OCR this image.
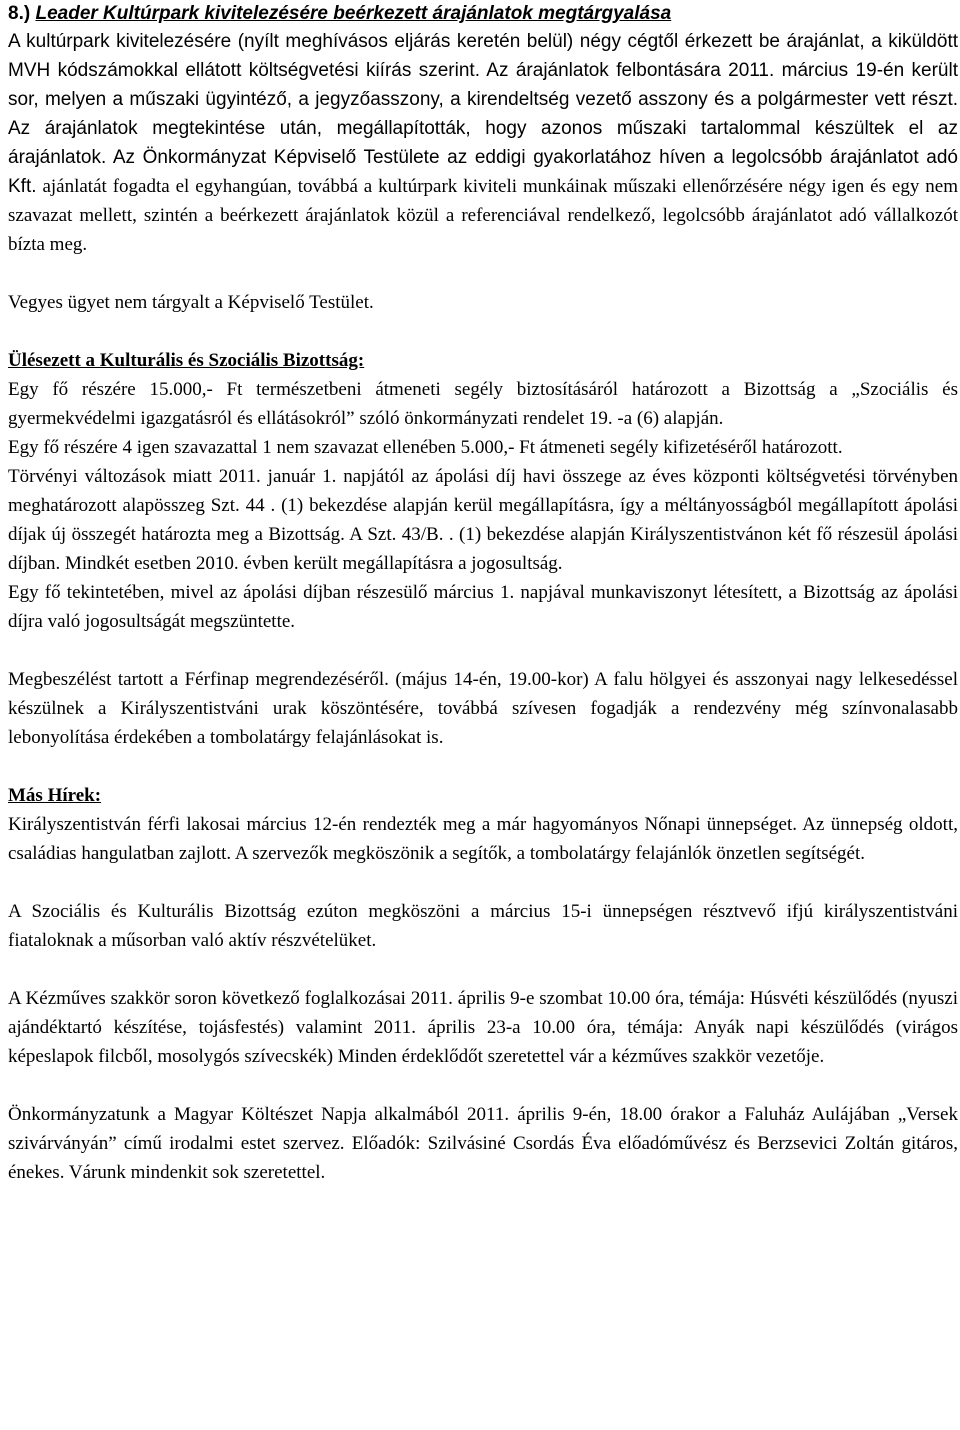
8.) Leader Kultúrpark kivitelezésére beérkezett árajánlatok megtárgyalása

A kultúrpark kivitelezésére (nyílt meghívásos eljárás keretén belül) négy cégtől érkezett be árajánlat, a kiküldött MVH kódszámokkal ellátott költségvetési kiírás szerint. Az árajánlatok felbontására 2011. március 19-én került sor, melyen a műszaki ügyintéző, a jegyzőasszony, a kirendeltség vezető asszony és a polgármester vett részt. Az árajánlatok megtekintése után, megállapították, hogy azonos műszaki tartalommal készültek el az árajánlatok. Az Önkormányzat Képviselő Testülete az eddigi gyakorlatához híven a legolcsóbb árajánlatot adó Kft. ajánlatát fogadta el egyhangúan, továbbá a kultúrpark kiviteli munkáinak műszaki ellenőrzésére négy igen és egy nem szavazat mellett, szintén a beérkezett árajánlatok közül a referenciával rendelkező, legolcsóbb árajánlatot adó vállalkozót bízta meg.

Vegyes ügyet nem tárgyalt a Képviselő Testület.

Ülésezett a Kulturális és Szociális Bizottság:

Egy fő részére 15.000,- Ft természetbeni átmeneti segély biztosításáról határozott a Bizottság a „Szociális és gyermekvédelmi igazgatásról és ellátásokról” szóló önkormányzati rendelet 19. -a (6) alapján.

Egy fő részére 4 igen szavazattal 1 nem szavazat ellenében 5.000,- Ft átmeneti segély kifizetéséről határozott.

Törvényi változások miatt 2011. január 1. napjától az ápolási díj havi összege az éves központi költségvetési törvényben meghatározott alapösszeg Szt. 44 . (1) bekezdése alapján kerül megállapításra, így a méltányosságból megállapított ápolási díjak új összegét határozta meg a Bizottság. A Szt. 43/B. . (1) bekezdése alapján Királyszentistvánon két fő részesül ápolási díjban. Mindkét esetben 2010. évben került megállapításra a jogosultság.

Egy fő tekintetében, mivel az ápolási díjban részesülő március 1. napjával munkaviszonyt létesített, a Bizottság az ápolási díjra való jogosultságát megszüntette.

Megbeszélést tartott a Férfinap megrendezéséről. (május 14-én, 19.00-kor) A falu hölgyei és asszonyai nagy lelkesedéssel készülnek a Királyszentistváni urak köszöntésére, továbbá szívesen fogadják a rendezvény még színvonalasabb lebonyolítása érdekében a tombolatárgy felajánlásokat is.

Más Hírek:

Királyszentistván férfi lakosai március 12-én rendezték meg a már hagyományos Nőnapi ünnepséget. Az ünnepség oldott, családias hangulatban zajlott. A szervezők megköszönik a segítők, a tombolatárgy felajánlók önzetlen segítségét.

A Szociális és Kulturális Bizottság ezúton megköszöni a március 15-i ünnepségen résztvevő ifjú királyszentistváni fiataloknak a műsorban való aktív részvételüket.

A Kézműves szakkör soron következő foglalkozásai 2011. április 9-e szombat 10.00 óra, témája: Húsvéti készülődés (nyuszi ajándéktartó készítése, tojásfestés) valamint 2011. április 23-a 10.00 óra, témája: Anyák napi készülődés (virágos képeslapok filcből, mosolygós szívecskék) Minden érdeklődőt szeretettel vár a kézműves szakkör vezetője.

Önkormányzatunk a Magyar Költészet Napja alkalmából 2011. április 9-én, 18.00 órakor a Faluház Aulájában „Versek szivárványán” című irodalmi estet szervez. Előadók: Szilvásiné Csordás Éva előadóművész és Berzsevici Zoltán gitáros, énekes. Várunk mindenkit sok szeretettel.
